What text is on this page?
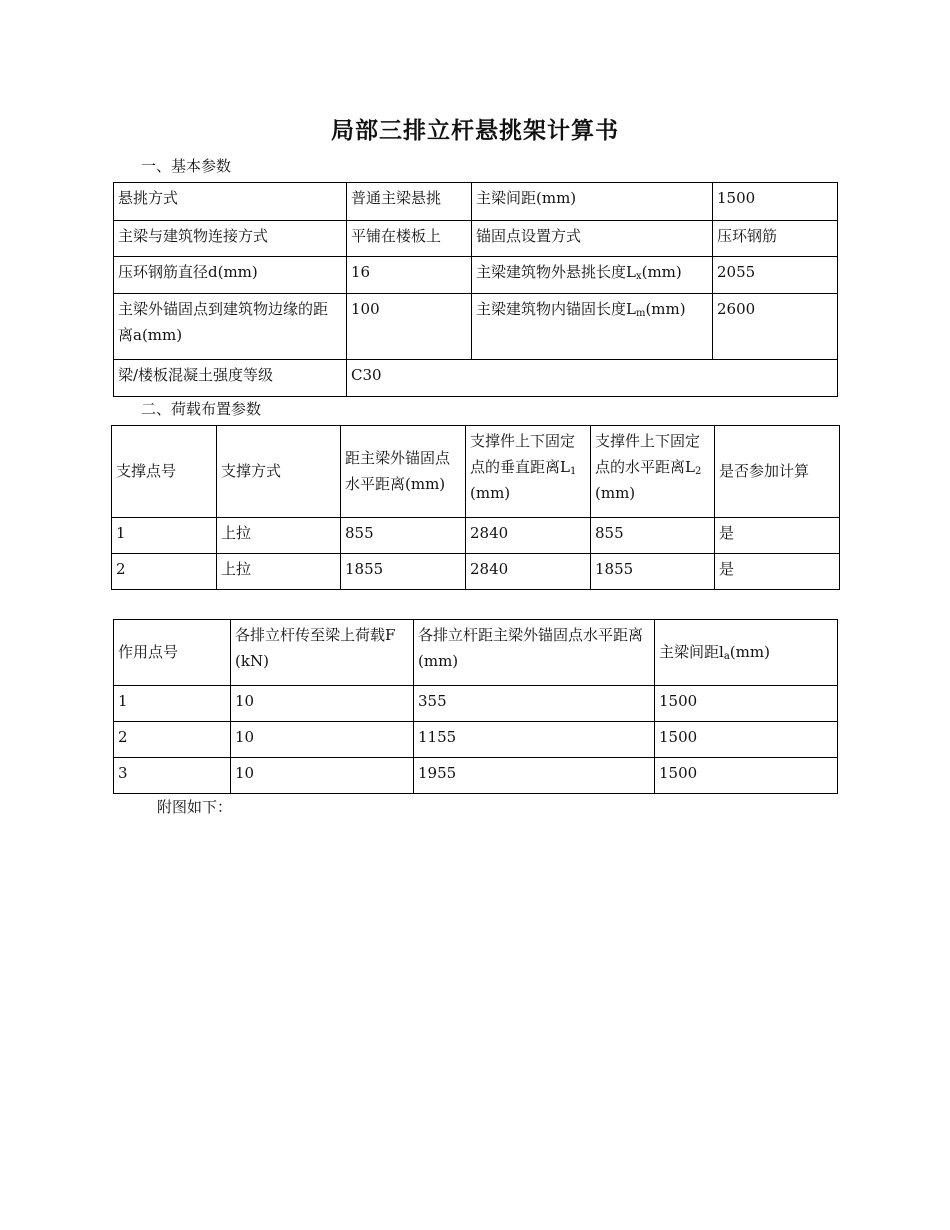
局部三排立杆悬挑架计算书
一、基本参数
悬挑方式	普通主梁悬挑	主梁间距(mm)	1500
主梁与建筑物连接方式	平铺在楼板上	锚固点设置方式	压环钢筋
压环钢筋直径d(mm)	16	主梁建筑物外悬挑长度$L_x(mm)$	2055
主梁外锚固点到建筑物边缘的距离a(mm)	100	主梁建筑物内锚固长度$L_m(mm)$	2600
梁/楼板混凝土强度等级	C30		
二、荷载布置参数
支撑点号	支撑方式	距主梁外锚固点水平距离(mm)	支撑件上下固定点的垂直距离$L_1(mm)$	支撑件上下固定点的水平距离$L_2(mm)$	是否参加计算
1	上拉	855	2840	855	是
2	上拉	1855	2840	1855	是
作用点号	各排立杆传至梁上荷载F(kN)	各排立杆距主梁外锚固点水平距离(mm)	主梁间距$l_a(mm)$
1	10	355	1500
2	10	1155	1500
3	10	1955	1500
附图如下：
